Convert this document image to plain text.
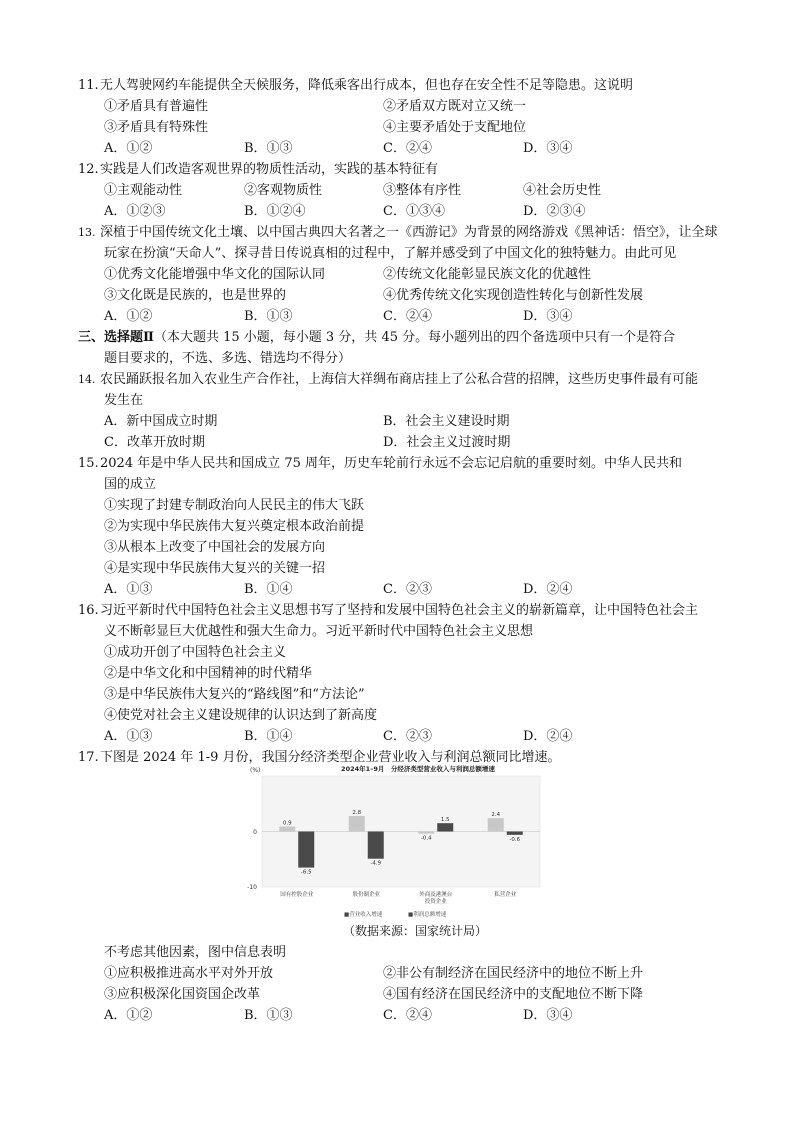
11.无人驾驶网约车能提供全天候服务，降低乘客出行成本，但也存在安全性不足等隐患。这说明
①矛盾具有普遍性	②矛盾双方既对立又统一
③矛盾具有特殊性	④主要矛盾处于支配地位
A．①②	B．①③	C．②④	D．③④
12.实践是人们改造客观世界的物质性活动，实践的基本特征有
①主观能动性	②客观物质性	③整体有序性	④社会历史性
A．①②③	B．①②④	C．①③④	D．②③④
13. 深植于中国传统文化土壤、以中国古典四大名著之一《西游记》为背景的网络游戏《黑神话：悟空》，让全球
玩家在扮演“天命人”、探寻昔日传说真相的过程中，了解并感受到了中国文化的独特魅力。由此可见
①优秀文化能增强中华文化的国际认同	②传统文化能彰显民族文化的优越性
③文化既是民族的，也是世界的	④优秀传统文化实现创造性转化与创新性发展
A．①②	B．①③	C．②④	D．③④
三、选择题Ⅱ（本大题共 15 小题，每小题 3 分，共 45 分。每小题列出的四个备选项中只有一个是符合
题目要求的，不选、多选、错选均不得分）
14. 农民踊跃报名加入农业生产合作社，上海信大祥绸布商店挂上了公私合营的招牌，这些历史事件最有可能
发生在
A．新中国成立时期	B．社会主义建设时期
C．改革开放时期	D．社会主义过渡时期
15.2024 年是中华人民共和国成立 75 周年，历史车轮前行永远不会忘记启航的重要时刻。中华人民共和
国的成立
①实现了封建专制政治向人民民主的伟大飞跃
②为实现中华民族伟大复兴奠定根本政治前提
③从根本上改变了中国社会的发展方向
④是实现中华民族伟大复兴的关键一招
A．①③	B．①④	C．②③	D．②④
16.习近平新时代中国特色社会主义思想书写了坚持和发展中国特色社会主义的崭新篇章，让中国特色社会主
义不断彰显巨大优越性和强大生命力。习近平新时代中国特色社会主义思想
①成功开创了中国特色社会主义
②是中华文化和中国精神的时代精华
③是中华民族伟大复兴的“路线图”和“方法论”
④使党对社会主义建设规律的认识达到了新高度
A．①③	B．①④	C．②③	D．②④
17.下图是 2024 年 1-9 月份，我国分经济类型企业营业收入与利润总额同比增速。
(%)	2024年1–9月　分经济类型营业收入与利润总额增速
0
-10
0.9
-6.5
2.8
-4.9
-0.4
1.5
2.4
-0.6
国有控股企业	股份制企业	外商及港澳台
投资企业
私营企业
■营业收入增速	■利润总额增速
（数据来源：国家统计局）
不考虑其他因素，图中信息表明
①应积极推进高水平对外开放	②非公有制经济在国民经济中的地位不断上升
③应积极深化国资国企改革	④国有经济在国民经济中的支配地位不断下降
A．①②	B．①③	C．②④	D．③④
